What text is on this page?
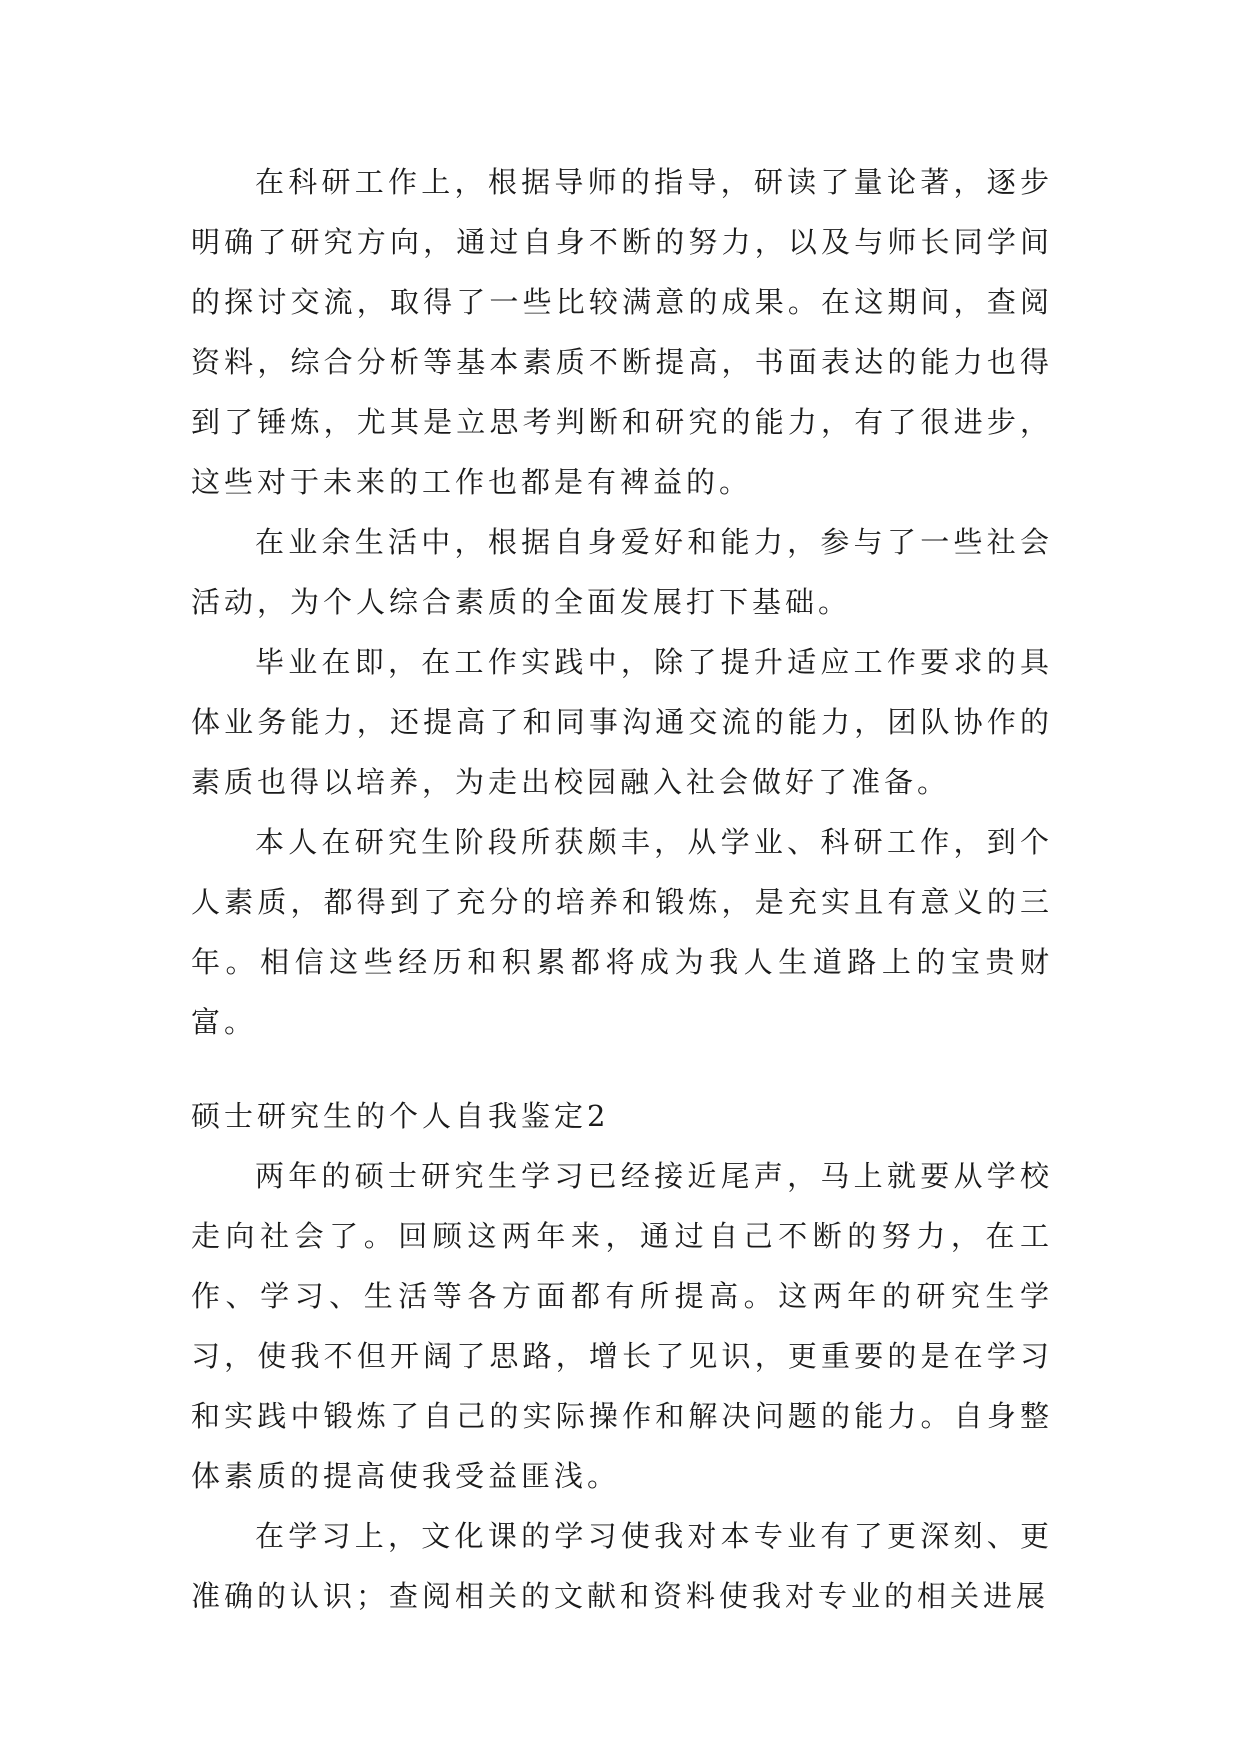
在科研工作上，根据导师的指导，研读了量论著，逐步明确了研究方向，通过自身不断的努力，以及与师长同学间的探讨交流，取得了一些比较满意的成果。在这期间，查阅资料，综合分析等基本素质不断提高，书面表达的能力也得到了锤炼，尤其是立思考判断和研究的能力，有了很进步，这些对于未来的工作也都是有裨益的。

在业余生活中，根据自身爱好和能力，参与了一些社会活动，为个人综合素质的全面发展打下基础。

毕业在即，在工作实践中，除了提升适应工作要求的具体业务能力，还提高了和同事沟通交流的能力，团队协作的素质也得以培养，为走出校园融入社会做好了准备。

本人在研究生阶段所获颇丰，从学业、科研工作，到个人素质，都得到了充分的培养和锻炼，是充实且有意义的三年。相信这些经历和积累都将成为我人生道路上的宝贵财富。

硕士研究生的个人自我鉴定2

两年的硕士研究生学习已经接近尾声，马上就要从学校走向社会了。回顾这两年来，通过自己不断的努力，在工作、学习、生活等各方面都有所提高。这两年的研究生学习，使我不但开阔了思路，增长了见识，更重要的是在学习和实践中锻炼了自己的实际操作和解决问题的能力。自身整体素质的提高使我受益匪浅。

在学习上，文化课的学习使我对本专业有了更深刻、更准确的认识；查阅相关的文献和资料使我对专业的相关进展
